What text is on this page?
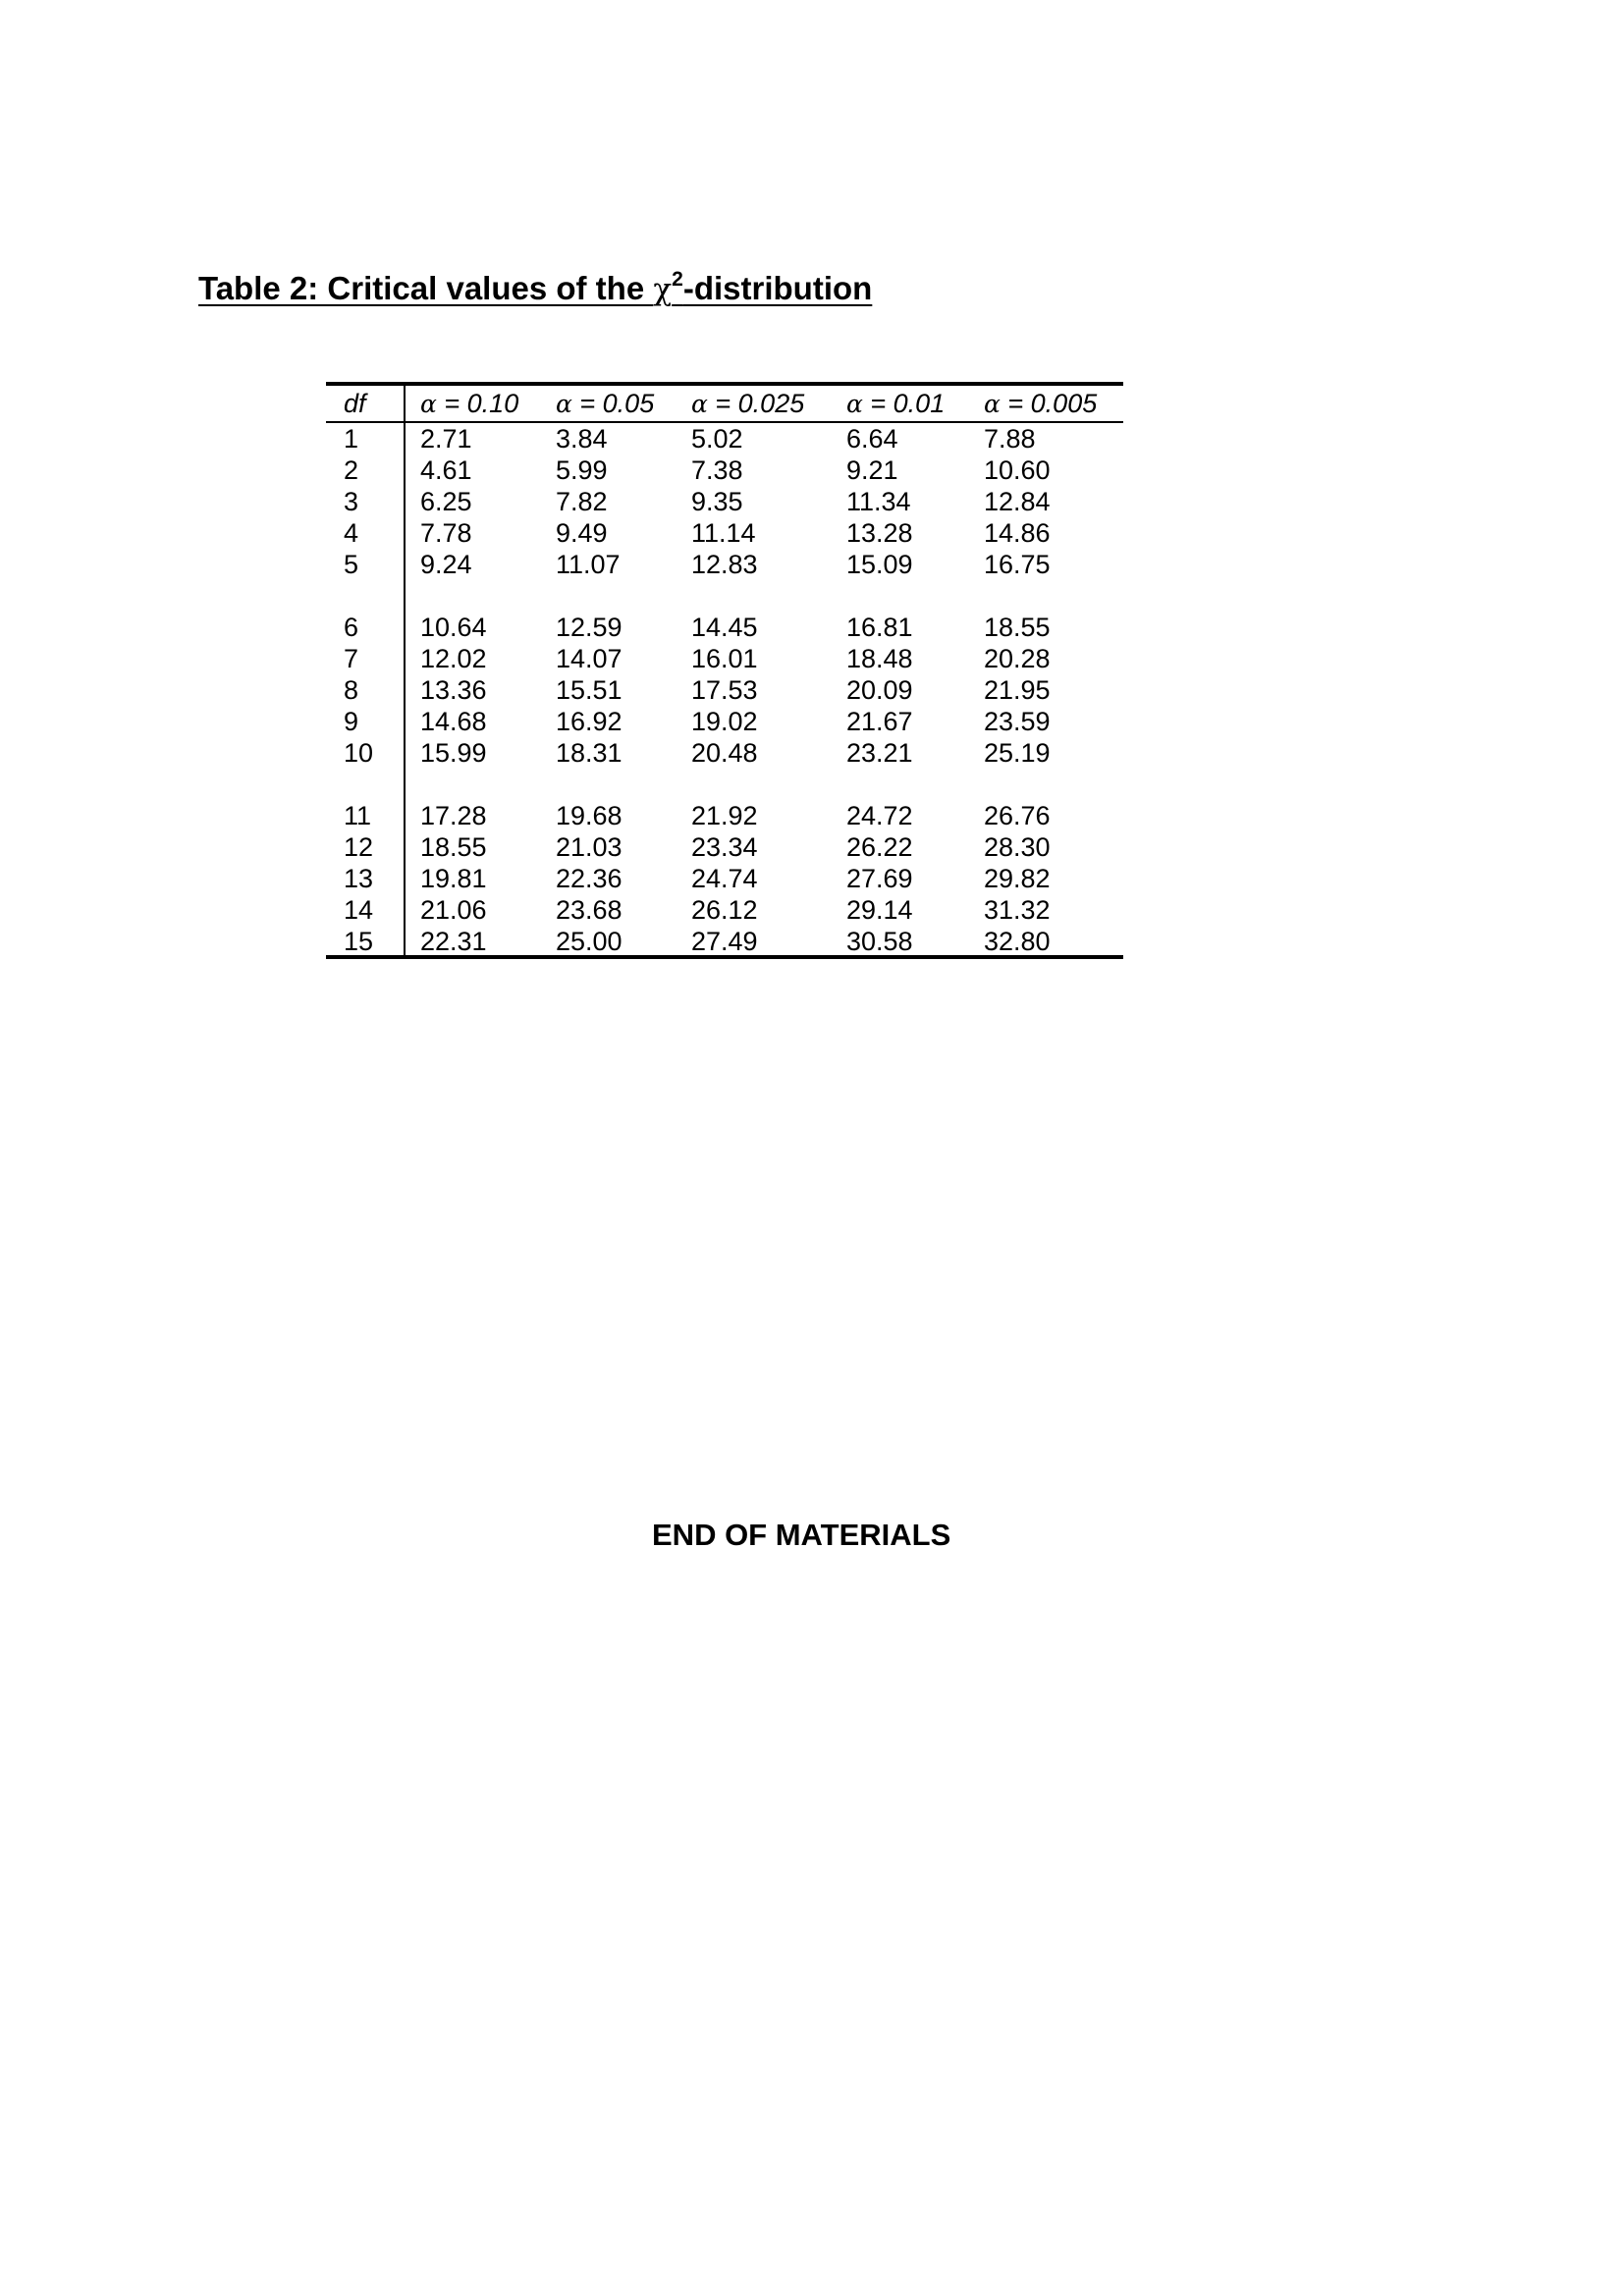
Table 2: Critical values of the $\chi^2$-distribution
df α = 0.10 α = 0.05 α = 0.025 α = 0.01 α = 0.005
1 2.71	3.84	5.02	6.64	7.88
2 4.61	5.99	7.38	9.21	10.60
3 6.25	7.82	9.35	11.34	12.84
4 7.78	9.49	11.14	13.28	14.86
5 9.24	11.07	12.83	15.09	16.75
6 10.64	12.59	14.45	16.81	18.55
7 12.02	14.07	16.01	18.48	20.28
8 13.36	15.51	17.53	20.09	21.95
9 14.68	16.92	19.02	21.67	23.59
10 15.99	18.31	20.48	23.21	25.19
11 17.28	19.68	21.92	24.72	26.76
12 18.55	21.03	23.34	26.22	28.30
13 19.81	22.36	24.74	27.69	29.82
14 21.06	23.68	26.12	29.14	31.32
15 22.31	25.00	27.49	30.58	32.80
END OF MATERIALS
